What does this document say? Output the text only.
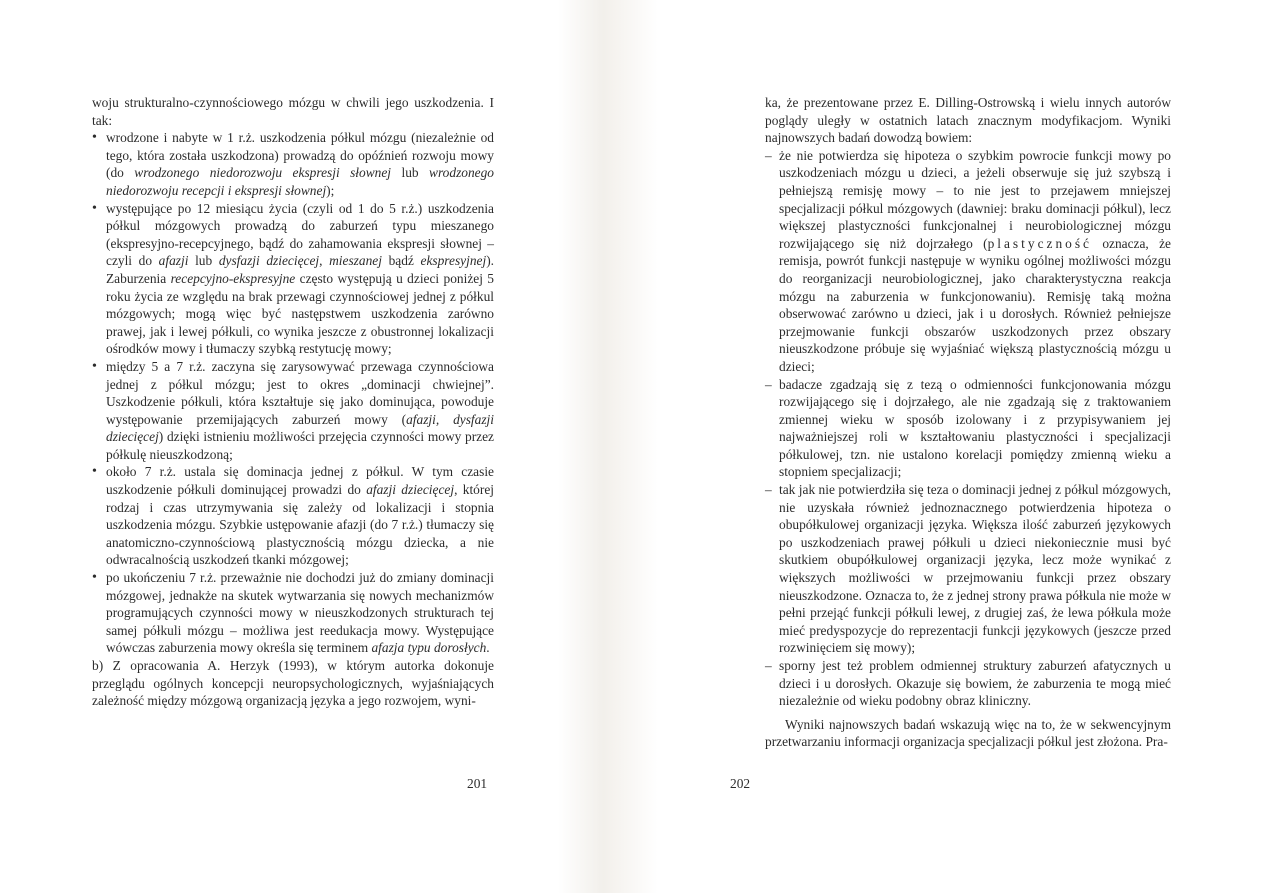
woju strukturalno-czynnościowego mózgu w chwili jego uszkodzenia. I tak:

• wrodzone i nabyte w 1 r.ż. uszkodzenia półkul mózgu (niezależnie od tego, która została uszkodzona) prowadzą do opóźnień rozwoju mowy (do wrodzonego niedorozwoju ekspresji słownej lub wrodzonego niedorozwoju recepcji i ekspresji słownej);
• występujące po 12 miesiącu życia (czyli od 1 do 5 r.ż.) uszkodzenia półkul mózgowych prowadzą do zaburzeń typu mieszanego (ekspresyjno-recepcyjnego, bądź do zahamowania ekspresji słownej – czyli do afazji lub dysfazji dziecięcej, mieszanej bądź ekspresyjnej). Zaburzenia recepcyjno-ekspresyjne często występują u dzieci poniżej 5 roku życia ze względu na brak przewagi czynnościowej jednej z półkul mózgowych; mogą więc być następstwem uszkodzenia zarówno prawej, jak i lewej półkuli, co wynika jeszcze z obustronnej lokalizacji ośrodków mowy i tłumaczy szybką restytucję mowy;
• między 5 a 7 r.ż. zaczyna się zarysowywać przewaga czynnościowa jednej z półkul mózgu; jest to okres „dominacji chwiejnej”. Uszkodzenie półkuli, która kształtuje się jako dominująca, powoduje występowanie przemijających zaburzeń mowy (afazji, dysfazji dziecięcej) dzięki istnieniu możliwości przejęcia czynności mowy przez półkulę nieuszkodzoną;
• około 7 r.ż. ustala się dominacja jednej z półkul. W tym czasie uszkodzenie półkuli dominującej prowadzi do afazji dziecięcej, której rodzaj i czas utrzymywania się zależy od lokalizacji i stopnia uszkodzenia mózgu. Szybkie ustępowanie afazji (do 7 r.ż.) tłumaczy się anatomiczno-czynnościową plastycznością mózgu dziecka, a nie odwracalnością uszkodzeń tkanki mózgowej;
• po ukończeniu 7 r.ż. przeważnie nie dochodzi już do zmiany dominacji mózgowej, jednakże na skutek wytwarzania się nowych mechanizmów programujących czynności mowy w nieuszkodzonych strukturach tej samej półkuli mózgu – możliwa jest reedukacja mowy. Występujące wówczas zaburzenia mowy określa się terminem afazja typu dorosłych.

b) Z opracowania A. Herzyk (1993), w którym autorka dokonuje przeglądu ogólnych koncepcji neuropsychologicznych, wyjaśniających zależność między mózgową organizacją języka a jego rozwojem, wyni-

201

ka, że prezentowane przez E. Dilling-Ostrowską i wielu innych autorów poglądy uległy w ostatnich latach znacznym modyfikacjom. Wyniki najnowszych badań dowodzą bowiem:

– że nie potwierdza się hipoteza o szybkim powrocie funkcji mowy po uszkodzeniach mózgu u dzieci, a jeżeli obserwuje się już szybszą i pełniejszą remisję mowy – to nie jest to przejawem mniejszej specjalizacji półkul mózgowych (dawniej: braku dominacji półkul), lecz większej plastyczności funkcjonalnej i neurobiologicznej mózgu rozwijającego się niż dojrzałego (plastyczność oznacza, że remisja, powrót funkcji następuje w wyniku ogólnej możliwości mózgu do reorganizacji neurobiologicznej, jako charakterystyczna reakcja mózgu na zaburzenia w funkcjonowaniu). Remisję taką można obserwować zarówno u dzieci, jak i u dorosłych. Również pełniejsze przejmowanie funkcji obszarów uszkodzonych przez obszary nieuszkodzone próbuje się wyjaśniać większą plastycznością mózgu u dzieci;
– badacze zgadzają się z tezą o odmienności funkcjonowania mózgu rozwijającego się i dojrzałego, ale nie zgadzają się z traktowaniem zmiennej wieku w sposób izolowany i z przypisywaniem jej najważniejszej roli w kształtowaniu plastyczności i specjalizacji półkulowej, tzn. nie ustalono korelacji pomiędzy zmienną wieku a stopniem specjalizacji;
– tak jak nie potwierdziła się teza o dominacji jednej z półkul mózgowych, nie uzyskała również jednoznacznego potwierdzenia hipoteza o obupółkulowej organizacji języka. Większa ilość zaburzeń językowych po uszkodzeniach prawej półkuli u dzieci niekoniecznie musi być skutkiem obupółkulowej organizacji języka, lecz może wynikać z większych możliwości w przejmowaniu funkcji przez obszary nieuszkodzone. Oznacza to, że z jednej strony prawa półkula nie może w pełni przejąć funkcji półkuli lewej, z drugiej zaś, że lewa półkula może mieć predyspozycje do reprezentacji funkcji językowych (jeszcze przed rozwinięciem się mowy);
– sporny jest też problem odmiennej struktury zaburzeń afatycznych u dzieci i u dorosłych. Okazuje się bowiem, że zaburzenia te mogą mieć niezależnie od wieku podobny obraz kliniczny.

Wyniki najnowszych badań wskazują więc na to, że w sekwencyjnym przetwarzaniu informacji organizacja specjalizacji półkul jest złożona. Pra-

202
